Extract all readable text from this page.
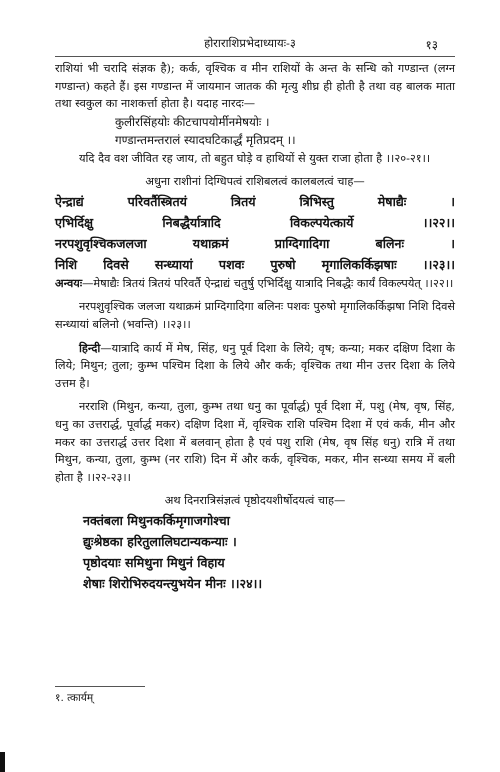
होराराशिप्रभेदाध्यायः-३	१३

राशियां भी चरादि संज्ञक है); कर्क, वृश्चिक व मीन राशियों के अन्त के सन्धि को गण्डान्त (लग्न गण्डान्त) कहते हैं। इस गण्डान्त में जायमान जातक की मृत्यु शीघ्र ही होती है तथा वह बालक माता तथा स्वकुल का नाशकर्त्ता होता है। यदाह नारदः—

कुलीरसिंहयोः कीटचापयोर्मीनमेषयोः ।
गण्डान्तमन्तरालं स्यादघटिकार्द्धं मृतिप्रदम् ।।

यदि दैव वश जीवित रह जाय, तो बहुत घोड़े व हाथियों से युक्त राजा होता है ।।२०-२१।।

अधुना राशीनां दिग्धिपत्वं राशिबलत्वं कालबलत्वं चाह—

ऐन्द्राद्यं परिवर्तैस्त्रितयं त्रितयं त्रिभिस्तु मेषाद्यैः ।
एभिर्दिक्षु निबद्धैर्यात्रादि विकल्पयेत्कार्ये ।।२२।।
नरपशुवृश्चिकजलजा यथाक्रमं प्राग्दिगादिगा बलिनः ।
निशि दिवसे सन्ध्यायां पशवः पुरुषो मृगालिकर्किझषाः ।।२३।।

अन्वयः—मेषाद्यैः त्रितयं त्रितयं परिवर्तै ऐन्द्राद्यं चतुर्षु एभिर्दिक्षु यात्रादि निबद्धैः कार्यं विकल्पयेत् ।।२२।।

नरपशुवृश्चिक जलजा यथाक्रमं प्राग्दिगादिगा बलिनः पशवः पुरुषो मृगालिकर्किझषा निशि दिवसे सन्ध्यायां बलिनो (भवन्ति) ।।२३।।

हिन्दी—यात्रादि कार्य में मेष, सिंह, धनु पूर्व दिशा के लिये; वृष; कन्या; मकर दक्षिण दिशा के लिये; मिथुन; तुला; कुम्भ पश्चिम दिशा के लिये और कर्क; वृश्चिक तथा मीन उत्तर दिशा के लिये उत्तम है।

नरराशि (मिथुन, कन्या, तुला, कुम्भ तथा धनु का पूर्वार्द्ध) पूर्व दिशा में, पशु (मेष, वृष, सिंह, धनु का उत्तरार्द्ध, पूर्वार्द्ध मकर) दक्षिण दिशा में, वृश्चिक राशि पश्चिम दिशा में एवं कर्क, मीन और मकर का उत्तरार्द्ध उत्तर दिशा में बलवान् होता है एवं पशु राशि (मेष, वृष सिंह धनु) रात्रि में तथा मिथुन, कन्या, तुला, कुम्भ (नर राशि) दिन में और कर्क, वृश्चिक, मकर, मीन सन्ध्या समय में बली होता है ।।२२-२३।।

अथ दिनरात्रिसंज्ञत्वं पृष्ठोदयशीर्षोदयत्वं चाह—

नक्तंबला मिथुनकर्किमृगाजगोश्चा
द्युःश्रेष्ठका हरितुलालिघटान्यकन्याः ।
पृष्ठोदयाः समिथुना मिथुनं विहाय
शेषाः शिरोभिरुदयन्त्युभयेन मीनः ।।२४।।
१. त्कार्यम्
